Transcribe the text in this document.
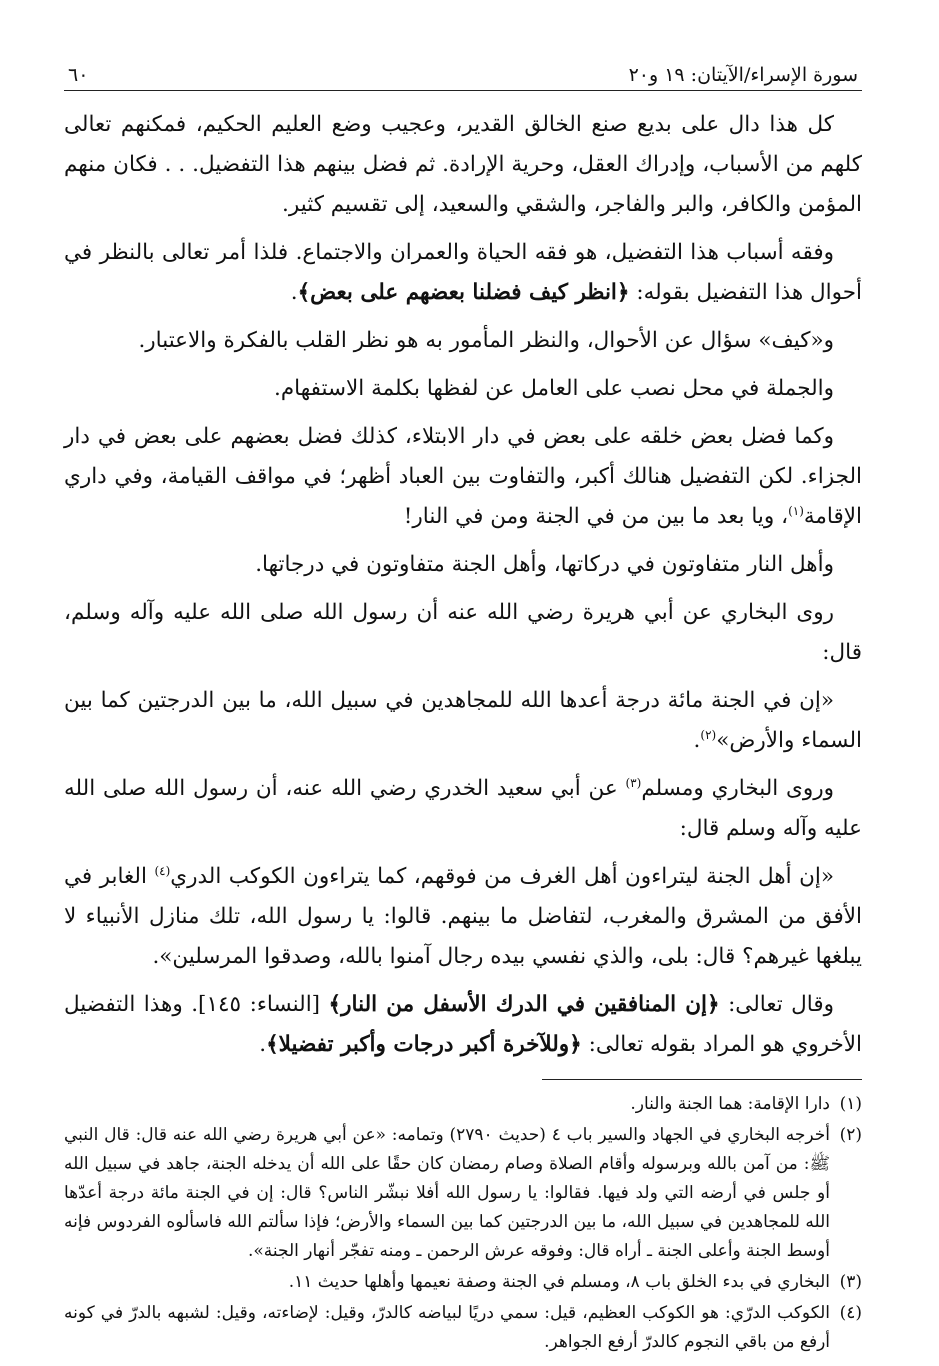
سورة الإسراء/الآيتان: ١٩ و٢٠
٦٠

كل هذا دال على بديع صنع الخالق القدير، وعجيب وضع العليم الحكيم، فمكنهم تعالى كلهم من الأسباب، وإدراك العقل، وحرية الإرادة. ثم فضل بينهم هذا التفضيل. . . فكان منهم المؤمن والكافر، والبر والفاجر، والشقي والسعيد، إلى تقسيم كثير.

وفقه أسباب هذا التفضيل، هو فقه الحياة والعمران والاجتماع. فلذا أمر تعالى بالنظر في أحوال هذا التفضيل بقوله: ﴿انظر كيف فضلنا بعضهم على بعض﴾.

و«كيف» سؤال عن الأحوال، والنظر المأمور به هو نظر القلب بالفكرة والاعتبار.

والجملة في محل نصب على العامل عن لفظها بكلمة الاستفهام.

وكما فضل بعض خلقه على بعض في دار الابتلاء، كذلك فضل بعضهم على بعض في دار الجزاء. لكن التفضيل هنالك أكبر، والتفاوت بين العباد أظهر؛ في مواقف القيامة، وفي داري الإقامة$^{(١)}$، ويا بعد ما بين من في الجنة ومن في النار!

وأهل النار متفاوتون في دركاتها، وأهل الجنة متفاوتون في درجاتها.

روى البخاري عن أبي هريرة رضي الله عنه أن رسول الله صلى الله عليه وآله وسلم، قال:

«إن في الجنة مائة درجة أعدها الله للمجاهدين في سبيل الله، ما بين الدرجتين كما بين السماء والأرض»$^{(٢)}$.

وروى البخاري ومسلم$^{(٣)}$ عن أبي سعيد الخدري رضي الله عنه، أن رسول الله صلى الله عليه وآله وسلم قال:

«إن أهل الجنة ليتراءون أهل الغرف من فوقهم، كما يتراءون الكوكب الدري$^{(٤)}$ الغابر في الأفق من المشرق والمغرب، لتفاضل ما بينهم. قالوا: يا رسول الله، تلك منازل الأنبياء لا يبلغها غيرهم؟ قال: بلى، والذي نفسي بيده رجال آمنوا بالله، وصدقوا المرسلين».

وقال تعالى: ﴿إن المنافقين في الدرك الأسفل من النار﴾ [النساء: ١٤٥]. وهذا التفضيل الأخروي هو المراد بقوله تعالى: ﴿وللآخرة أكبر درجات وأكبر تفضيلا﴾.

(١)
دارا الإقامة: هما الجنة والنار.
(٢)
أخرجه البخاري في الجهاد والسير باب ٤ (حديث ٢٧٩٠) وتمامه: «عن أبي هريرة رضي الله عنه قال: قال النبي ﷺ: من آمن بالله وبرسوله وأقام الصلاة وصام رمضان كان حقًا على الله أن يدخله الجنة، جاهد في سبيل الله أو جلس في أرضه التي ولد فيها. فقالوا: يا رسول الله أفلا نبشّر الناس؟ قال: إن في الجنة مائة درجة أعدّها الله للمجاهدين في سبيل الله، ما بين الدرجتين كما بين السماء والأرض؛ فإذا سألتم الله فاسألوه الفردوس فإنه أوسط الجنة وأعلى الجنة ـ أراه قال: وفوقه عرش الرحمن ـ ومنه تفجّر أنهار الجنة».
(٣)
البخاري في بدء الخلق باب ٨، ومسلم في الجنة وصفة نعيمها وأهلها حديث ١١.
(٤)
الكوكب الدرّي: هو الكوكب العظيم، قيل: سمي دريًا لبياضه كالدرّ، وقيل: لإضاءته، وقيل: لشبهه بالدرّ في كونه أرفع من باقي النجوم كالدرّ أرفع الجواهر.
